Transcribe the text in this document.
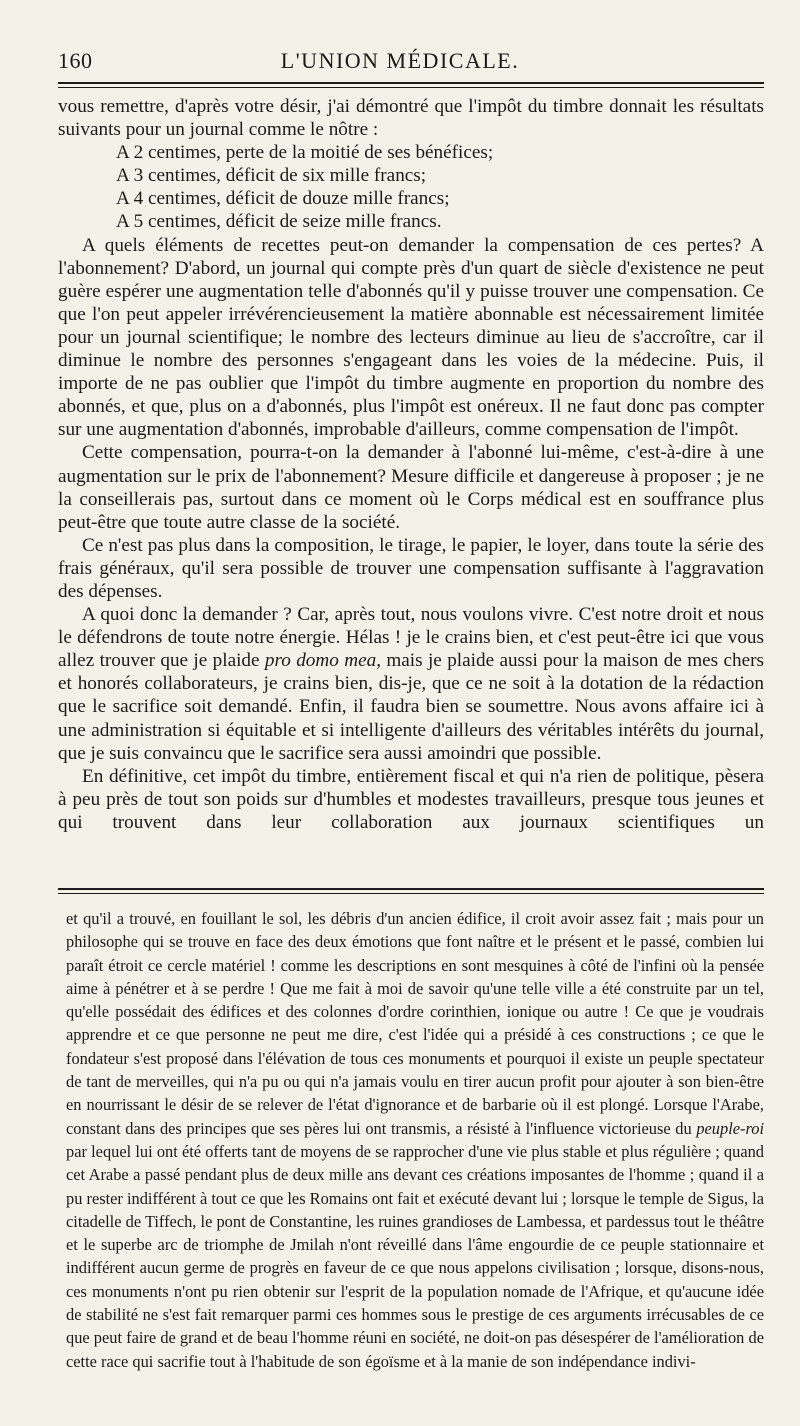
160	L'UNION MÉDICALE.

vous remettre, d'après votre désir, j'ai démontré que l'impôt du timbre donnait les résultats suivants pour un journal comme le nôtre :

A 2 centimes, perte de la moitié de ses bénéfices;
A 3 centimes, déficit de six mille francs;
A 4 centimes, déficit de douze mille francs;
A 5 centimes, déficit de seize mille francs.

A quels éléments de recettes peut-on demander la compensation de ces pertes? A l'abonnement? D'abord, un journal qui compte près d'un quart de siècle d'existence ne peut guère espérer une augmentation telle d'abonnés qu'il y puisse trouver une compensation. Ce que l'on peut appeler irrévérencieusement la matière abonnable est nécessairement limitée pour un journal scientifique; le nombre des lecteurs diminue au lieu de s'accroître, car il diminue le nombre des personnes s'engageant dans les voies de la médecine. Puis, il importe de ne pas oublier que l'impôt du timbre augmente en proportion du nombre des abonnés, et que, plus on a d'abonnés, plus l'impôt est onéreux. Il ne faut donc pas compter sur une augmentation d'abonnés, improbable d'ailleurs, comme compensation de l'impôt.

Cette compensation, pourra-t-on la demander à l'abonné lui-même, c'est-à-dire à une augmentation sur le prix de l'abonnement? Mesure difficile et dangereuse à proposer ; je ne la conseillerais pas, surtout dans ce moment où le Corps médical est en souffrance plus peut-être que toute autre classe de la société.

Ce n'est pas plus dans la composition, le tirage, le papier, le loyer, dans toute la série des frais généraux, qu'il sera possible de trouver une compensation suffisante à l'aggravation des dépenses.

A quoi donc la demander ? Car, après tout, nous voulons vivre. C'est notre droit et nous le défendrons de toute notre énergie. Hélas ! je le crains bien, et c'est peut-être ici que vous allez trouver que je plaide pro domo mea, mais je plaide aussi pour la maison de mes chers et honorés collaborateurs, je crains bien, dis-je, que ce ne soit à la dotation de la rédaction que le sacrifice soit demandé. Enfin, il faudra bien se soumettre. Nous avons affaire ici à une administration si équitable et si intelligente d'ailleurs des véritables intérêts du journal, que je suis convaincu que le sacrifice sera aussi amoindri que possible.

En définitive, cet impôt du timbre, entièrement fiscal et qui n'a rien de politique, pèsera à peu près de tout son poids sur d'humbles et modestes travailleurs, presque tous jeunes et qui trouvent dans leur collaboration aux journaux scientifiques un

et qu'il a trouvé, en fouillant le sol, les débris d'un ancien édifice, il croit avoir assez fait ; mais pour un philosophe qui se trouve en face des deux émotions que font naître et le présent et le passé, combien lui paraît étroit ce cercle matériel ! comme les descriptions en sont mesquines à côté de l'infini où la pensée aime à pénétrer et à se perdre ! Que me fait à moi de savoir qu'une telle ville a été construite par un tel, qu'elle possédait des édifices et des colonnes d'ordre corinthien, ionique ou autre ! Ce que je voudrais apprendre et ce que personne ne peut me dire, c'est l'idée qui a présidé à ces constructions ; ce que le fondateur s'est proposé dans l'élévation de tous ces monuments et pourquoi il existe un peuple spectateur de tant de merveilles, qui n'a pu ou qui n'a jamais voulu en tirer aucun profit pour ajouter à son bien-être en nourrissant le désir de se relever de l'état d'ignorance et de barbarie où il est plongé. Lorsque l'Arabe, constant dans des principes que ses pères lui ont transmis, a résisté à l'influence victorieuse du peuple-roi par lequel lui ont été offerts tant de moyens de se rapprocher d'une vie plus stable et plus régulière ; quand cet Arabe a passé pendant plus de deux mille ans devant ces créations imposantes de l'homme ; quand il a pu rester indifférent à tout ce que les Romains ont fait et exécuté devant lui ; lorsque le temple de Sigus, la citadelle de Tiffech, le pont de Constantine, les ruines grandioses de Lambessa, et pardessus tout le théâtre et le superbe arc de triomphe de Jmilah n'ont réveillé dans l'âme engourdie de ce peuple stationnaire et indifférent aucun germe de progrès en faveur de ce que nous appelons civilisation ; lorsque, disons-nous, ces monuments n'ont pu rien obtenir sur l'esprit de la population nomade de l'Afrique, et qu'aucune idée de stabilité ne s'est fait remarquer parmi ces hommes sous le prestige de ces arguments irrécusables de ce que peut faire de grand et de beau l'homme réuni en société, ne doit-on pas désespérer de l'amélioration de cette race qui sacrifie tout à l'habitude de son égoïsme et à la manie de son indépendance indivi-
